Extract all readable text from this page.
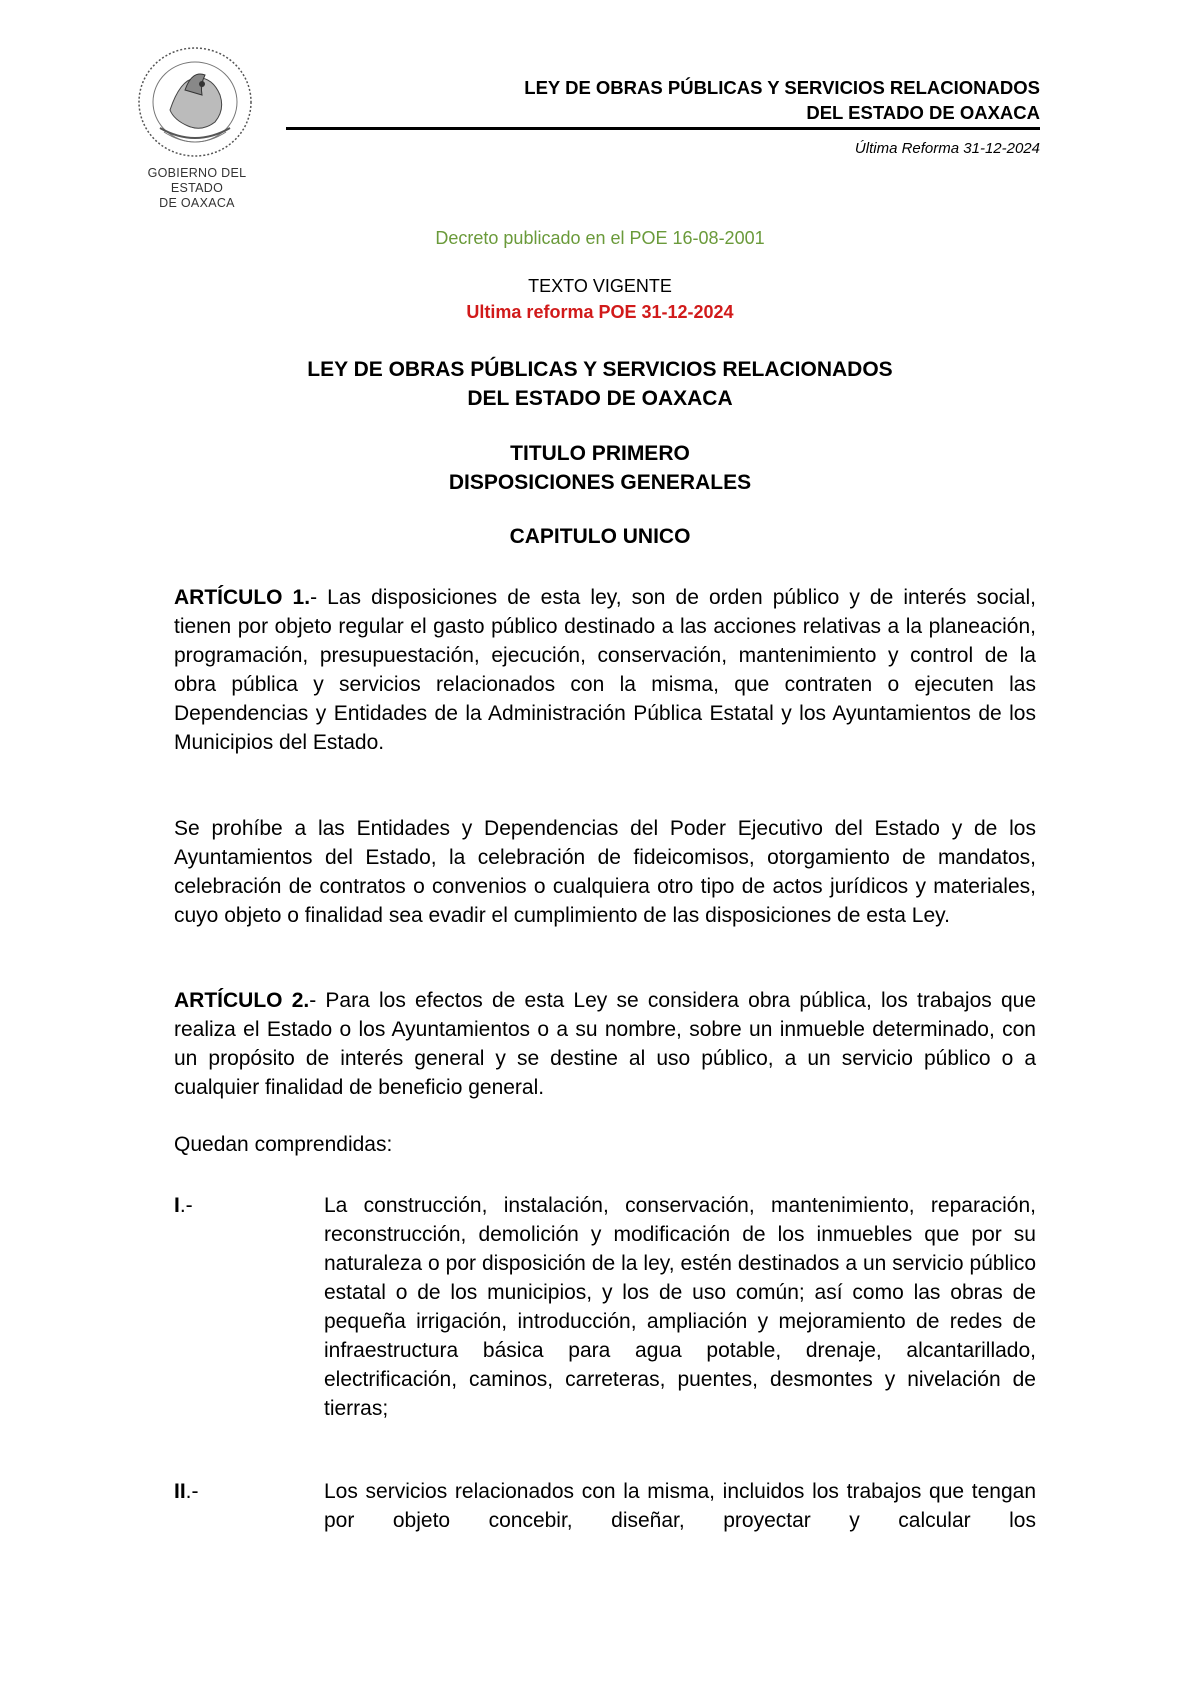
GOBIERNO DEL ESTADO
DE OAXACA
LEY DE OBRAS PÚBLICAS Y SERVICIOS RELACIONADOS
DEL ESTADO DE OAXACA
Última Reforma 31-12-2024
Decreto publicado en el POE 16-08-2001
TEXTO VIGENTE
Ultima reforma POE 31-12-2024
LEY DE OBRAS PÚBLICAS Y SERVICIOS RELACIONADOS
DEL ESTADO DE OAXACA
TITULO PRIMERO
DISPOSICIONES GENERALES
CAPITULO UNICO
ARTÍCULO 1.- Las disposiciones de esta ley, son de orden público y de interés social, tienen por objeto regular el gasto público destinado a las acciones relativas a la planeación, programación, presupuestación, ejecución, conservación, mantenimiento y control de la obra pública y servicios relacionados con la misma, que contraten o ejecuten las Dependencias y Entidades de la Administración Pública Estatal y los Ayuntamientos de los Municipios del Estado.
Se prohíbe a las Entidades y Dependencias del Poder Ejecutivo del Estado y de los Ayuntamientos del Estado, la celebración de fideicomisos, otorgamiento de mandatos, celebración de contratos o convenios o cualquiera otro tipo de actos jurídicos y materiales, cuyo objeto o finalidad sea evadir el cumplimiento de las disposiciones de esta Ley.
ARTÍCULO 2.- Para los efectos de esta Ley se considera obra pública, los trabajos que realiza el Estado o los Ayuntamientos o a su nombre, sobre un inmueble determinado, con un propósito de interés general y se destine al uso público, a un servicio público o a cualquier finalidad de beneficio general.
Quedan comprendidas:
I.-	La construcción, instalación, conservación, mantenimiento, reparación, reconstrucción, demolición y modificación de los inmuebles que por su naturaleza o por disposición de la ley, estén destinados a un servicio público estatal o de los municipios, y los de uso común; así como las obras de pequeña irrigación, introducción, ampliación y mejoramiento de redes de infraestructura básica para agua potable, drenaje, alcantarillado, electrificación, caminos, carreteras, puentes, desmontes y nivelación de tierras;
II.-	Los servicios relacionados con la misma, incluidos los trabajos que tengan por objeto concebir, diseñar, proyectar y calcular los
